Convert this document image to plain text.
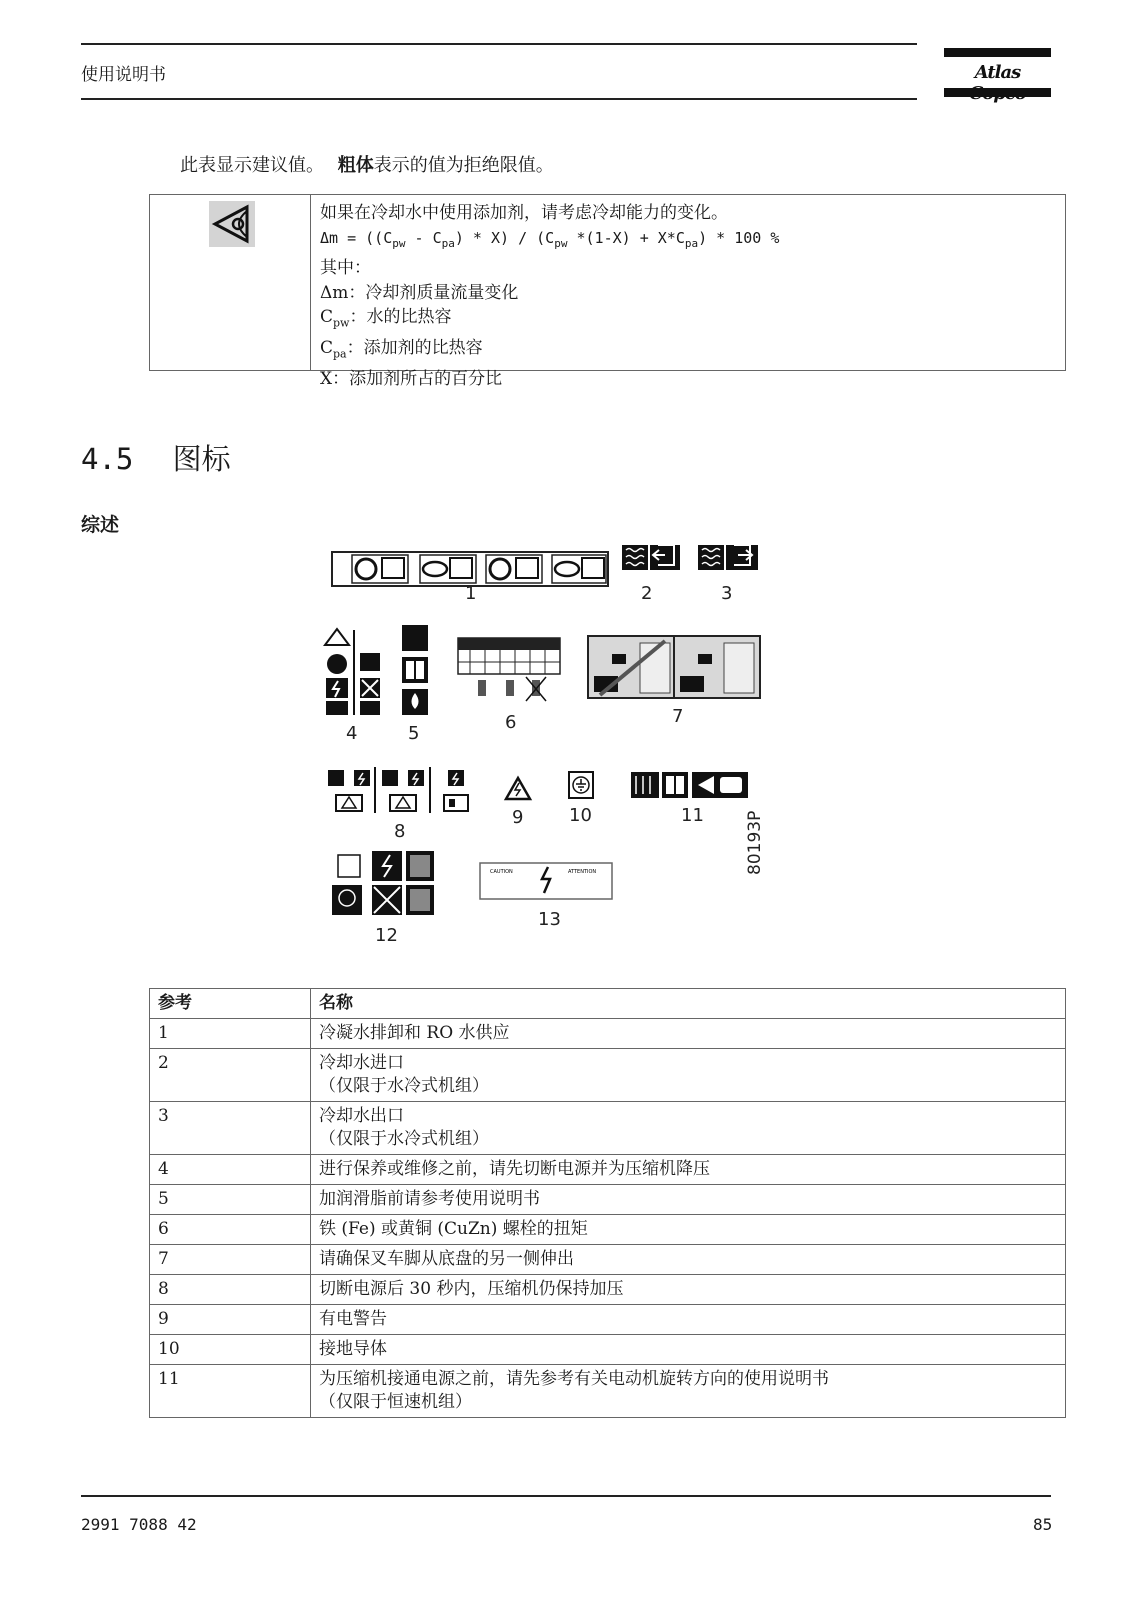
使用说明书	Atlas
此表显示建议值。 粗体表示的值为拒绝限值。
如果在冷却水中使用添加剂，请考虑冷却能力的变化。
$\Delta m = ((C_{pw} - C_{pa}) * X) / (C_{pw}$ $*(1-X) + X*C_{pa}) * 100$ %
其中：
Δm：冷却剂质量流量变化
$C_{pw}$：水的比热容
$C_{pa}$：添加剂的比热容
X：添加剂所占的百分比
4.5 图标
综述
CAUTION	ATTENTION
1	2	3
4	5
6	7
8
9	10	11
12
13
80193P
参考	名称
1	冷凝水排卸和 RO 水供应

2	冷却水进口
（仅限于水冷式机组）

3	冷却水出口
（仅限于水冷式机组）

4	进行保养或维修之前，请先切断电源并为压缩机降压

5	加润滑脂前请参考使用说明书

6	铁 (Fe) 或黄铜 (CuZn) 螺栓的扭矩

7	请确保叉车脚从底盘的另一侧伸出

8	切断电源后 30 秒内，压缩机仍保持加压

9	有电警告

10	接地导体

11	为压缩机接通电源之前，请先参考有关电动机旋转方向的使用说明书
（仅限于恒速机组）
2991 7088 42	85
